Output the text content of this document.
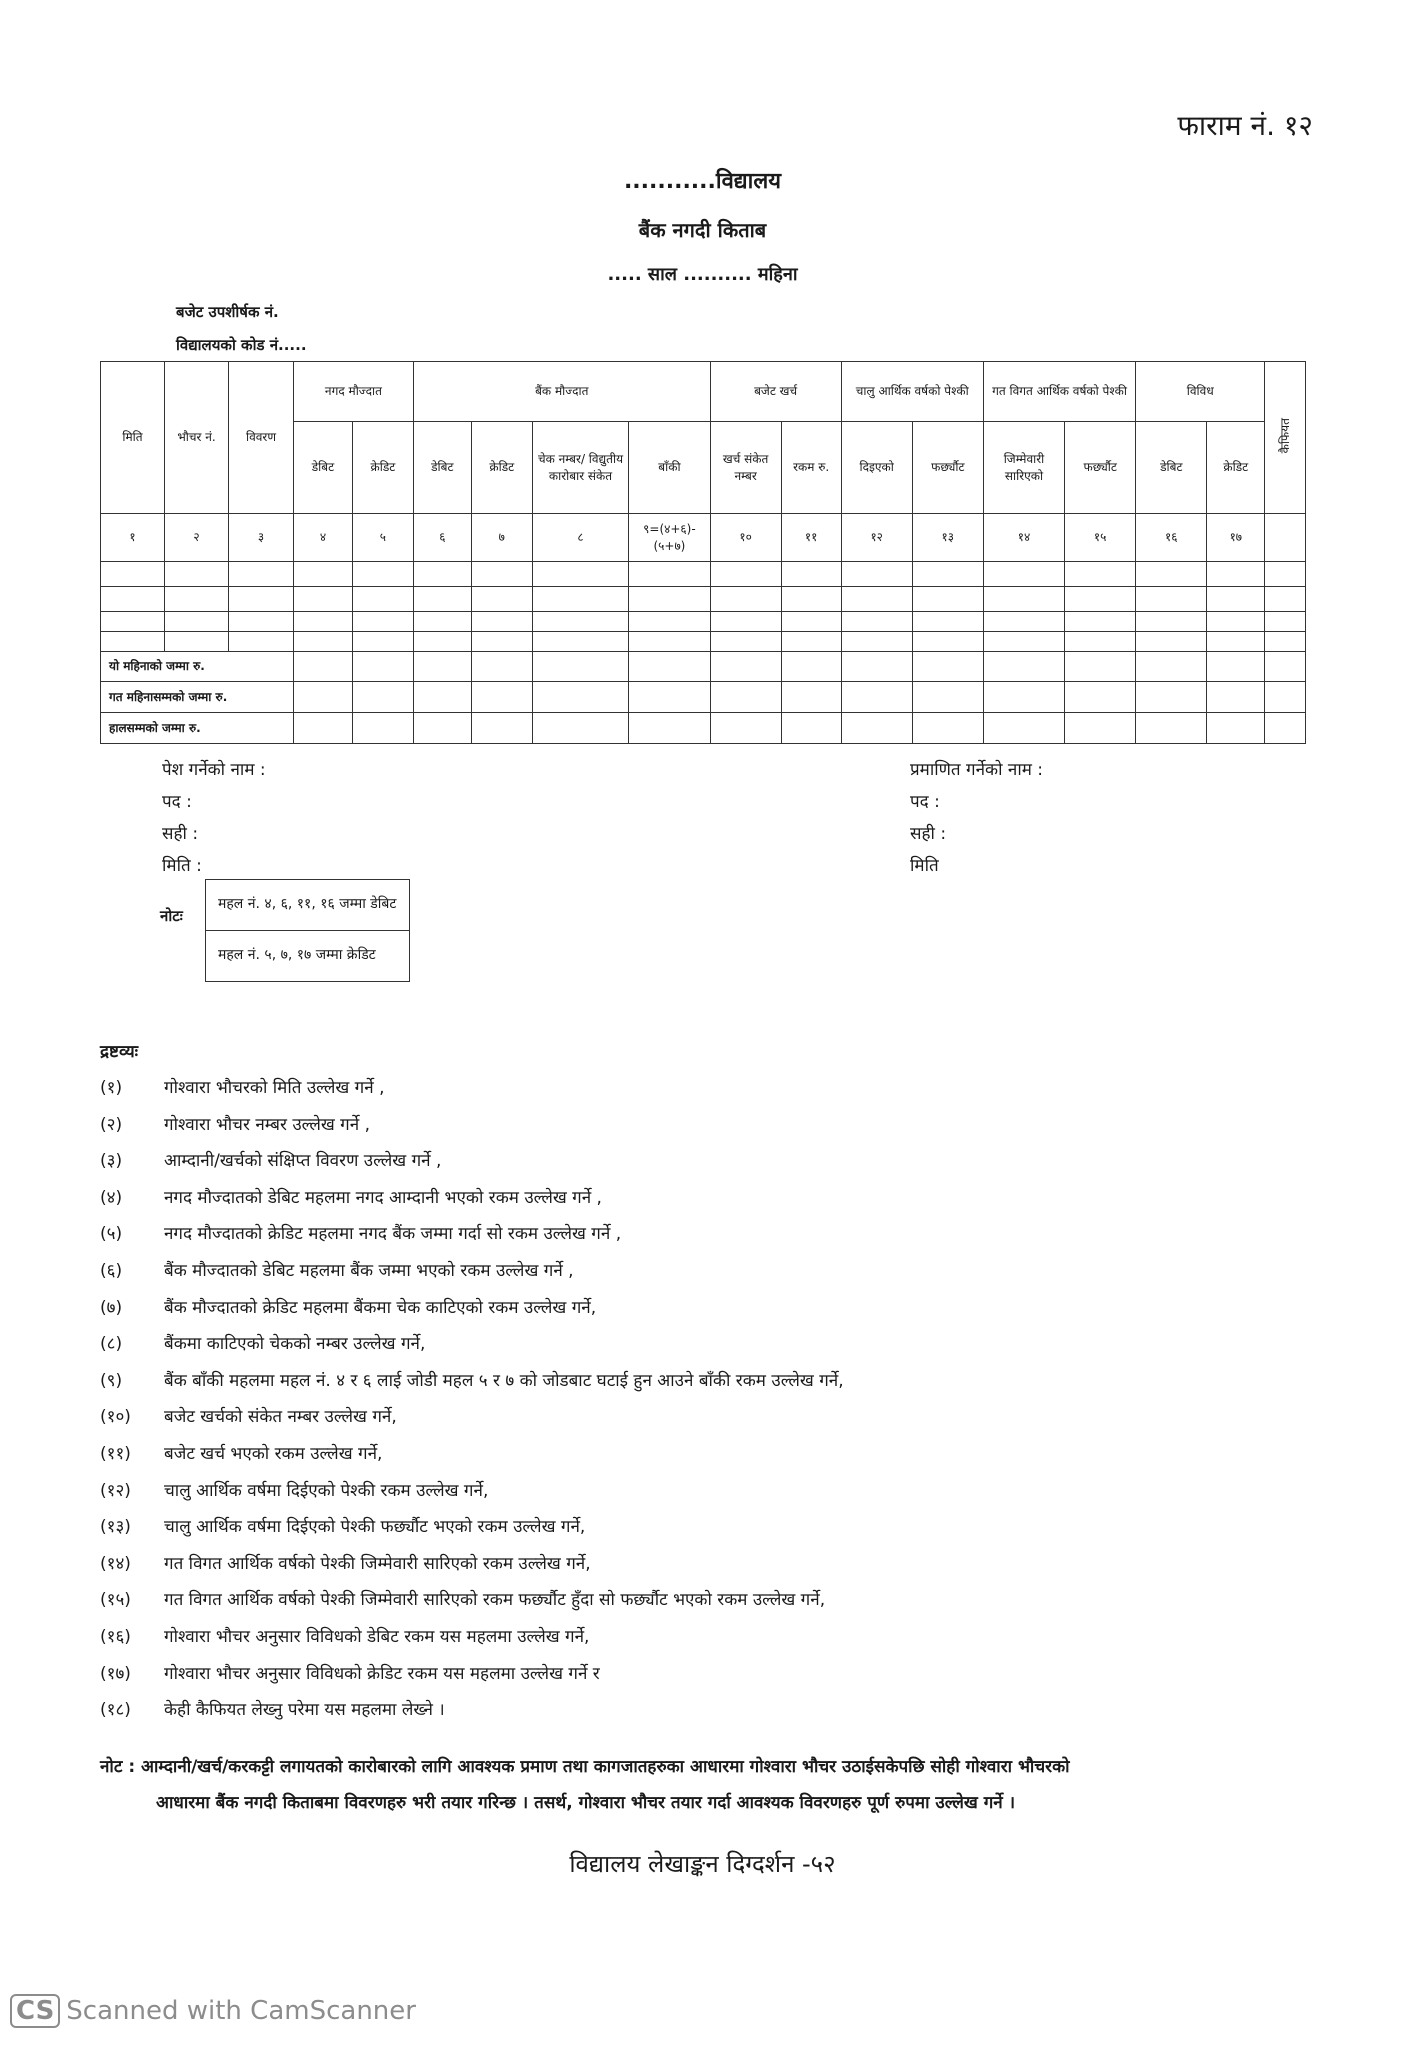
फाराम नं. १२
...........विद्यालय
बैंक नगदी किताब
..... साल .......... महिना
बजेट उपशीर्षक नं.
विद्यालयको कोड नं.....
मिति	भौचर नं.	विवरण	नगद मौज्दात		बैंक मौज्दात				बजेट खर्च		चालु आर्थिक वर्षको पेश्की		गत विगत आर्थिक वर्षको पेश्की		विविध		कैफियत
			डेबिट	क्रेडिट	डेबिट	क्रेडिट	चेक नम्बर/ विद्युतीय कारोबार संकेत	बाँकी	खर्च संकेत नम्बर	रकम रु.	दिइएको	फर्छ्यौट	जिम्मेवारी सारिएको	फर्छ्यौट	डेबिट	क्रेडिट	
१	२	३	४	५	६	७	८	९=(४+६)-(५+७)	१०	११	१२	१३	१४	१५	१६	१७	

यो महिनाको जम्मा रु.																	
गत महिनासम्मको जम्मा रु.																	
हालसम्मको जम्मा रु.																	
पेश गर्नेको नाम :
पद :
सही :
मिति :
प्रमाणित गर्नेको नाम :
पद :
सही :
मिति
नोटः
महल नं. ४, ६, ११, १६ जम्मा डेबिट
महल नं. ५, ७, १७ जम्मा क्रेडिट
द्रष्टव्यः
(१) गोश्वारा भौचरको मिति उल्लेख गर्ने ,
(२) गोश्वारा भौचर नम्बर उल्लेख गर्ने ,
(३) आम्दानी/खर्चको संक्षिप्त विवरण उल्लेख गर्ने ,
(४) नगद मौज्दातको डेबिट महलमा नगद आम्दानी भएको रकम उल्लेख गर्ने ,
(५) नगद मौज्दातको क्रेडिट महलमा नगद बैंक जम्मा गर्दा सो रकम उल्लेख गर्ने ,
(६) बैंक मौज्दातको डेबिट महलमा बैंक जम्मा भएको रकम उल्लेख गर्ने ,
(७) बैंक मौज्दातको क्रेडिट महलमा बैंकमा चेक काटिएको रकम उल्लेख गर्ने,
(८) बैंकमा काटिएको चेकको नम्बर उल्लेख गर्ने,
(९) बैंक बाँकी महलमा महल नं. ४ र ६ लाई जोडी महल ५ र ७ को जोडबाट घटाई हुन आउने बाँकी रकम उल्लेख गर्ने,
(१०) बजेट खर्चको संकेत नम्बर उल्लेख गर्ने,
(११) बजेट खर्च भएको रकम उल्लेख गर्ने,
(१२) चालु आर्थिक वर्षमा दिईएको पेश्की रकम उल्लेख गर्ने,
(१३) चालु आर्थिक वर्षमा दिईएको पेश्की फर्छ्यौट भएको रकम उल्लेख गर्ने,
(१४) गत विगत आर्थिक वर्षको पेश्की जिम्मेवारी सारिएको रकम उल्लेख गर्ने,
(१५) गत विगत आर्थिक वर्षको पेश्की जिम्मेवारी सारिएको रकम फर्छ्यौट हुँदा सो फर्छ्यौट भएको रकम उल्लेख गर्ने,
(१६) गोश्वारा भौचर अनुसार विविधको डेबिट रकम यस महलमा उल्लेख गर्ने,
(१७) गोश्वारा भौचर अनुसार विविधको क्रेडिट रकम यस महलमा उल्लेख गर्ने र
(१८) केही कैफियत लेख्नु परेमा यस महलमा लेख्ने ।
नोट : आम्दानी/खर्च/करकट्टी लगायतको कारोबारको लागि आवश्यक प्रमाण तथा कागजातहरुका आधारमा गोश्वारा भौचर उठाईसकेपछि सोही गोश्वारा भौचरको
आधारमा बैंक नगदी किताबमा विवरणहरु भरी तयार गरिन्छ । तसर्थ, गोश्वारा भौचर तयार गर्दा आवश्यक विवरणहरु पूर्ण रुपमा उल्लेख गर्ने ।
विद्यालय लेखाङ्कन दिग्दर्शन -५२
CS Scanned with CamScanner
